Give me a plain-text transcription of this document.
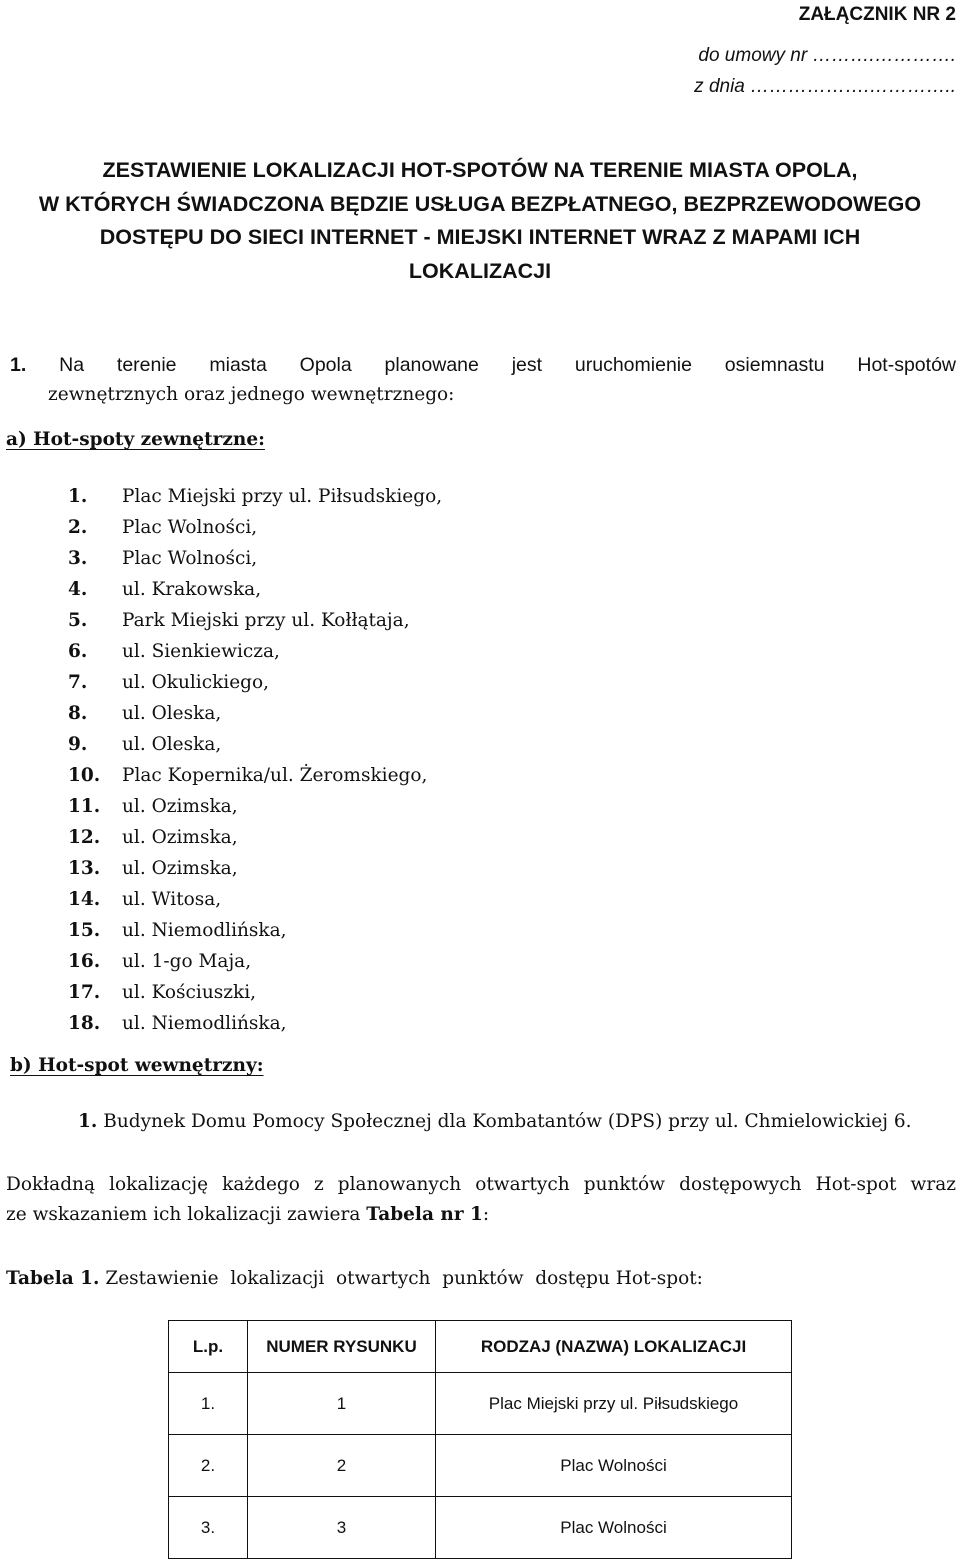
ZAŁĄCZNIK NR 2
do umowy nr ……….………….
z dnia ……………….…………..
ZESTAWIENIE LOKALIZACJI HOT-SPOTÓW NA TERENIE MIASTA OPOLA,
W KTÓRYCH ŚWIADCZONA BĘDZIE USŁUGA BEZPŁATNEGO, BEZPRZEWODOWEGO
DOSTĘPU DO SIECI INTERNET - MIEJSKI INTERNET WRAZ Z MAPAMI ICH
LOKALIZACJI
1. Na terenie miasta Opola planowane jest uruchomienie osiemnastu Hot-spotów
zewnętrznych oraz jednego wewnętrznego:
a) Hot-spoty zewnętrzne:
1. Plac Miejski przy ul. Piłsudskiego,
2. Plac Wolności,
3. Plac Wolności,
4. ul. Krakowska,
5. Park Miejski przy ul. Kołłątaja,
6. ul. Sienkiewicza,
7. ul. Okulickiego,
8. ul. Oleska,
9. ul. Oleska,
10. Plac Kopernika/ul. Żeromskiego,
11. ul. Ozimska,
12. ul. Ozimska,
13. ul. Ozimska,
14. ul. Witosa,
15. ul. Niemodlińska,
16. ul. 1-go Maja,
17. ul. Kościuszki,
18. ul. Niemodlińska,
b) Hot-spot wewnętrzny:
1. Budynek Domu Pomocy Społecznej dla Kombatantów (DPS) przy ul. Chmielowickiej 6.
Dokładną lokalizację każdego z planowanych otwartych punktów dostępowych Hot-spot wraz
ze wskazaniem ich lokalizacji zawiera Tabela nr 1:
Tabela 1. Zestawienie  lokalizacji  otwartych  punktów  dostępu Hot-spot:
L.p.	NUMER RYSUNKU	RODZAJ (NAZWA) LOKALIZACJI
1.	1	Plac Miejski przy ul. Piłsudskiego
2.	2	Plac Wolności
3.	3	Plac Wolności
